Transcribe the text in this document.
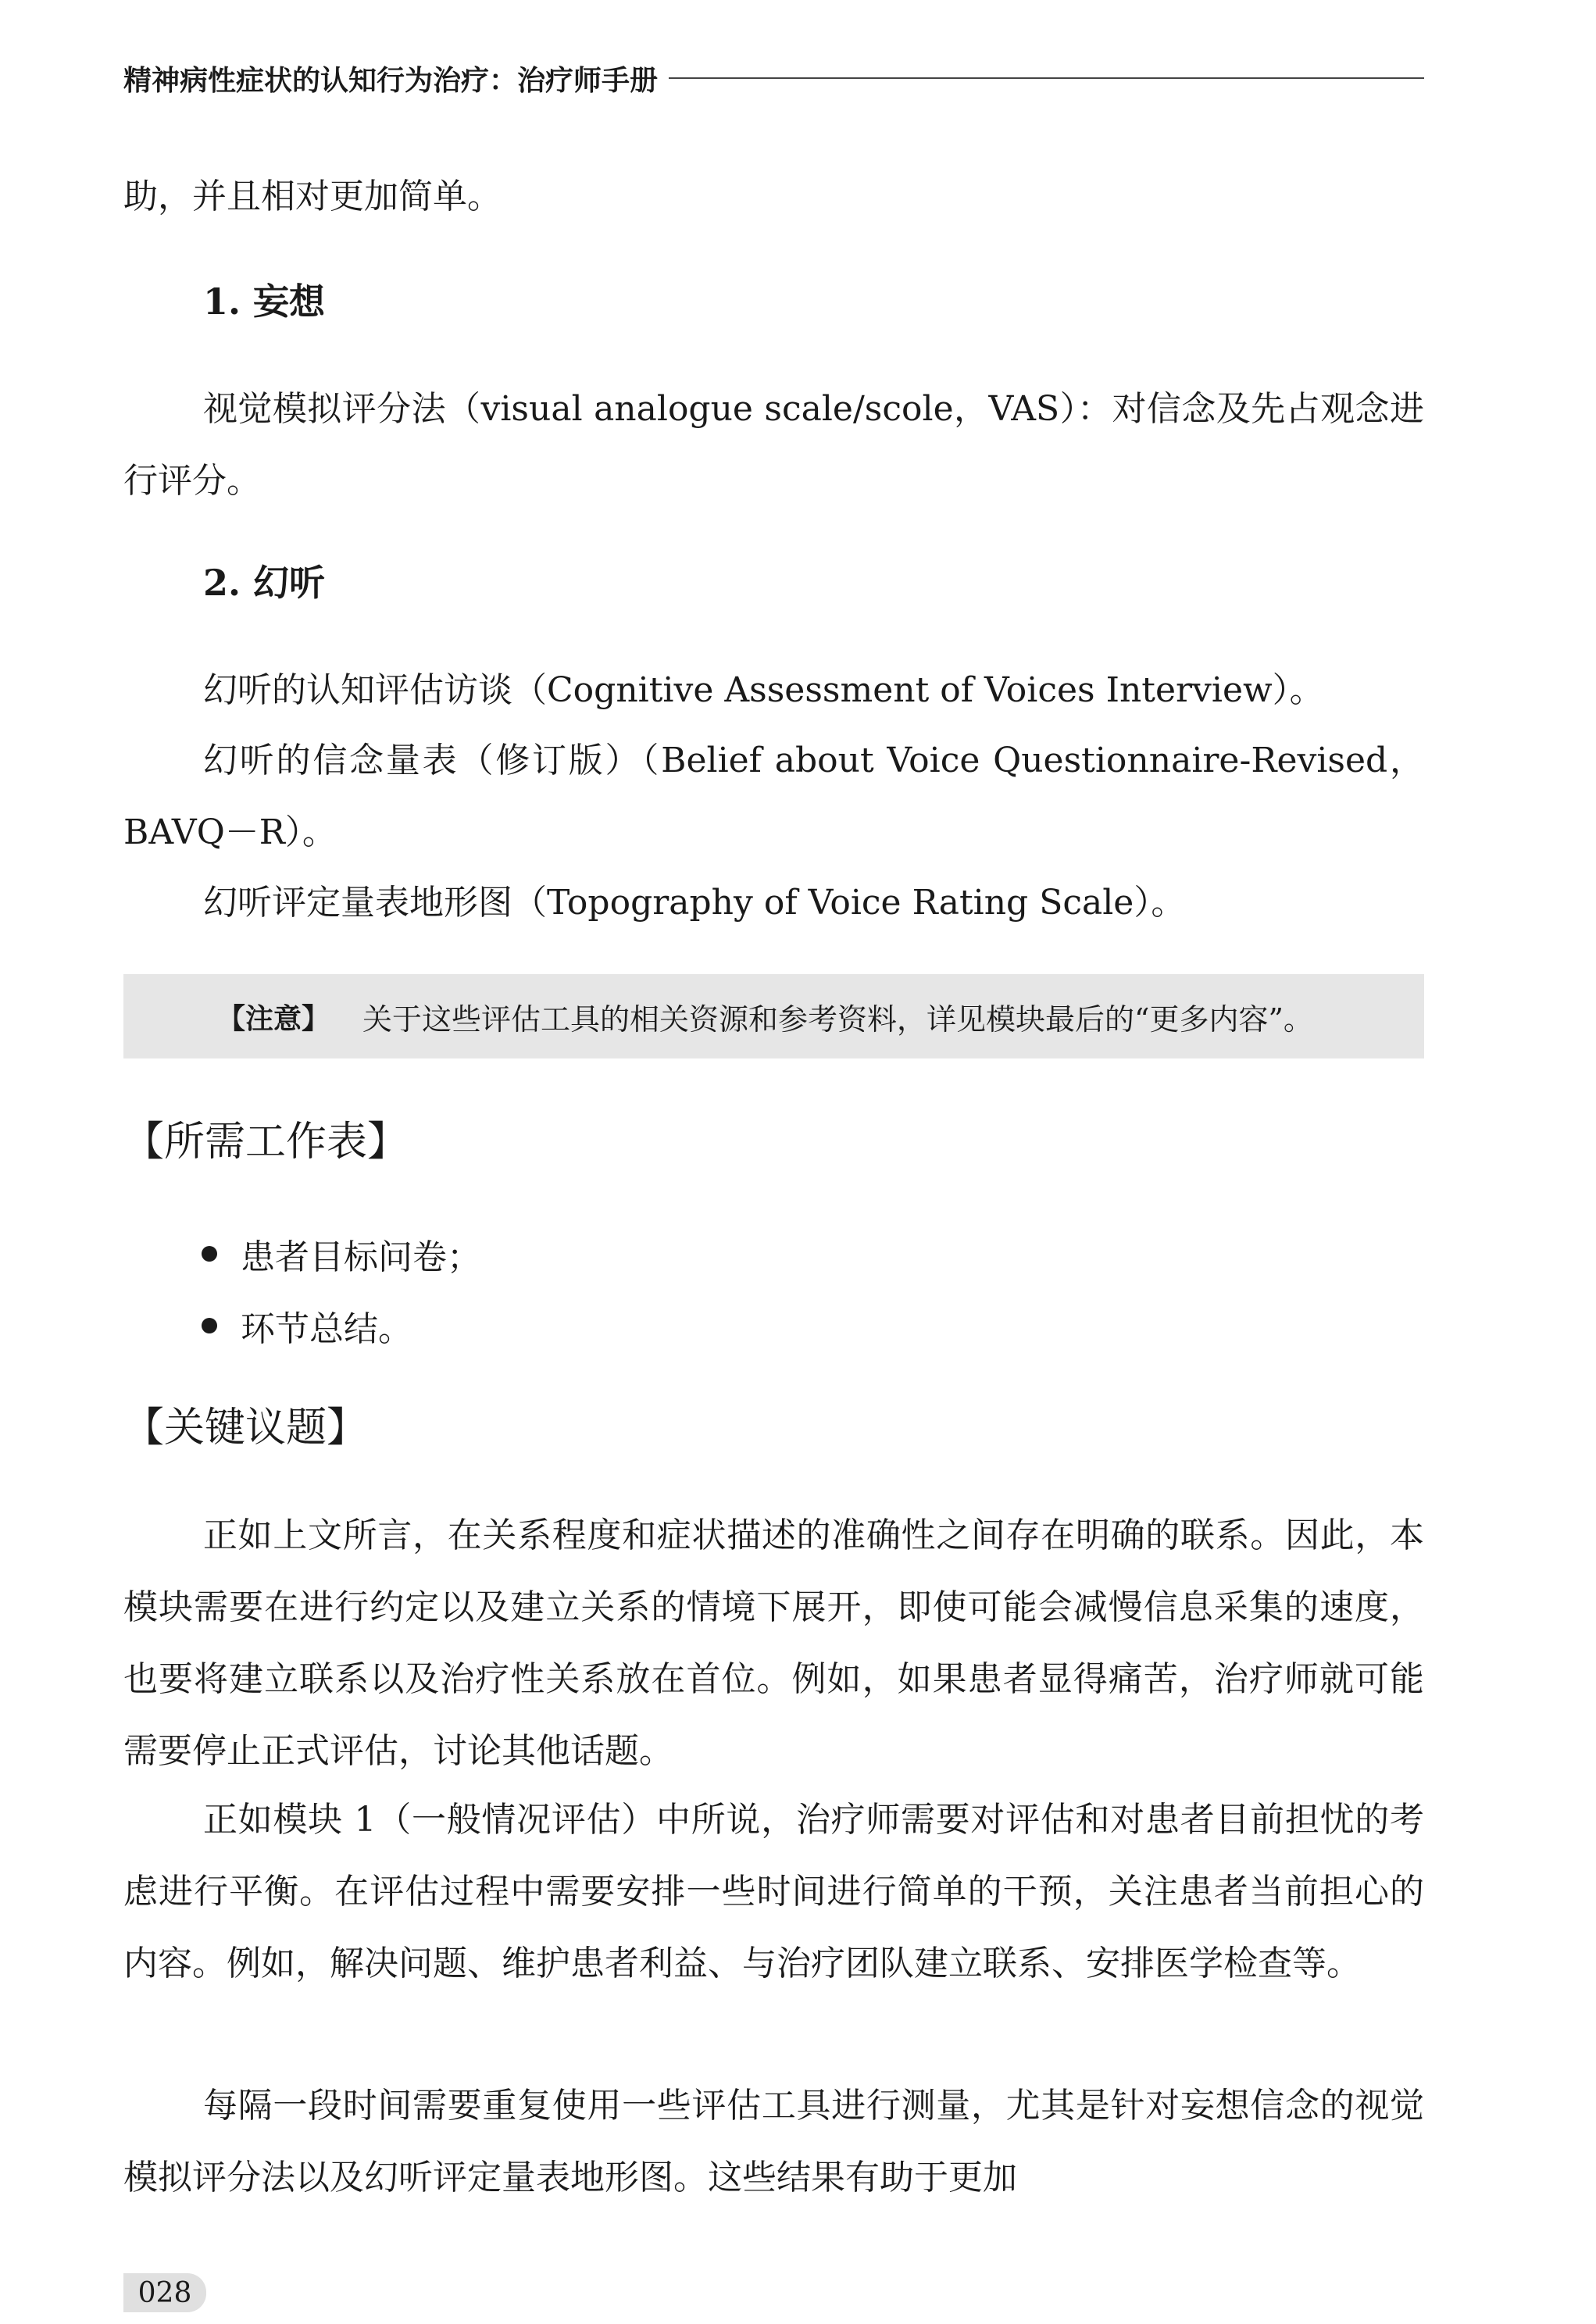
精神病性症状的认知行为治疗：治疗师手册

助，并且相对更加简单。

1. 妄想

视觉模拟评分法（visual analogue scale/scole，VAS）：对信念及先占观念进行评分。

2. 幻听

幻听的认知评估访谈（Cognitive Assessment of Voices Interview）。

幻听的信念量表（修订版）（Belief about Voice Questionnaire-Revised，BAVQ－R）。

幻听评定量表地形图（Topography of Voice Rating Scale）。

【注意】 关于这些评估工具的相关资源和参考资料，详见模块最后的“更多内容”。
【所需工作表】
患者目标问卷；
环节总结。
【关键议题】

正如上文所言，在关系程度和症状描述的准确性之间存在明确的联系。因此，本模块需要在进行约定以及建立关系的情境下展开，即使可能会减慢信息采集的速度，也要将建立联系以及治疗性关系放在首位。例如，如果患者显得痛苦，治疗师就可能需要停止正式评估，讨论其他话题。

正如模块 1（一般情况评估）中所说，治疗师需要对评估和对患者目前担忧的考虑进行平衡。在评估过程中需要安排一些时间进行简单的干预，关注患者当前担心的内容。例如，解决问题、维护患者利益、与治疗团队建立联系、安排医学检查等。

每隔一段时间需要重复使用一些评估工具进行测量，尤其是针对妄想信念的视觉模拟评分法以及幻听评定量表地形图。这些结果有助于更加

028
